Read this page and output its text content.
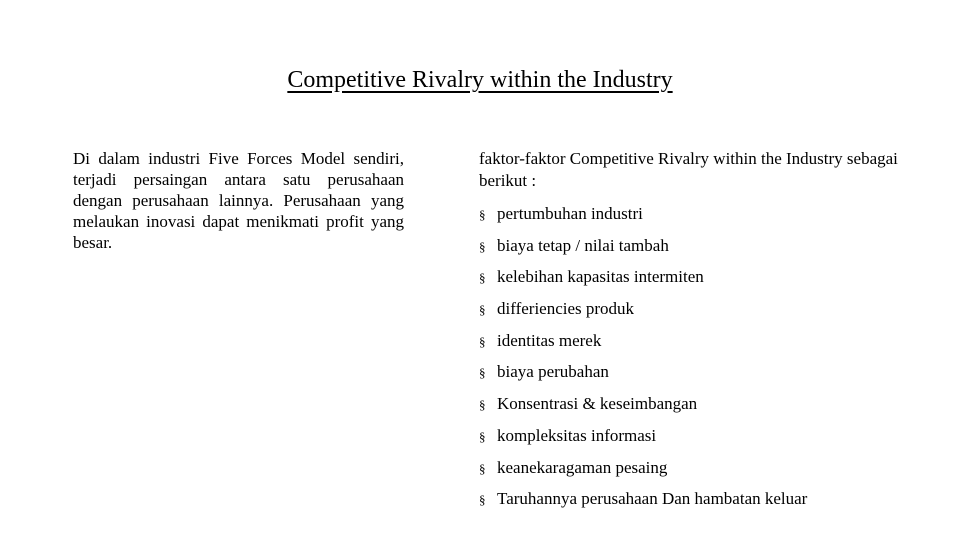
Competitive Rivalry within the Industry

Di dalam industri Five Forces Model sendiri, terjadi persaingan antara satu perusahaan dengan perusahaan lainnya. Perusahaan yang melaukan inovasi dapat menikmati profit yang besar.

faktor-faktor Competitive Rivalry within the Industry sebagai berikut :

§ pertumbuhan industri
§ biaya tetap / nilai tambah
§ kelebihan kapasitas intermiten
§ differiencies produk
§ identitas merek
§ biaya perubahan
§ Konsentrasi & keseimbangan
§ kompleksitas informasi
§ keanekaragaman pesaing
§ Taruhannya perusahaan Dan hambatan keluar
